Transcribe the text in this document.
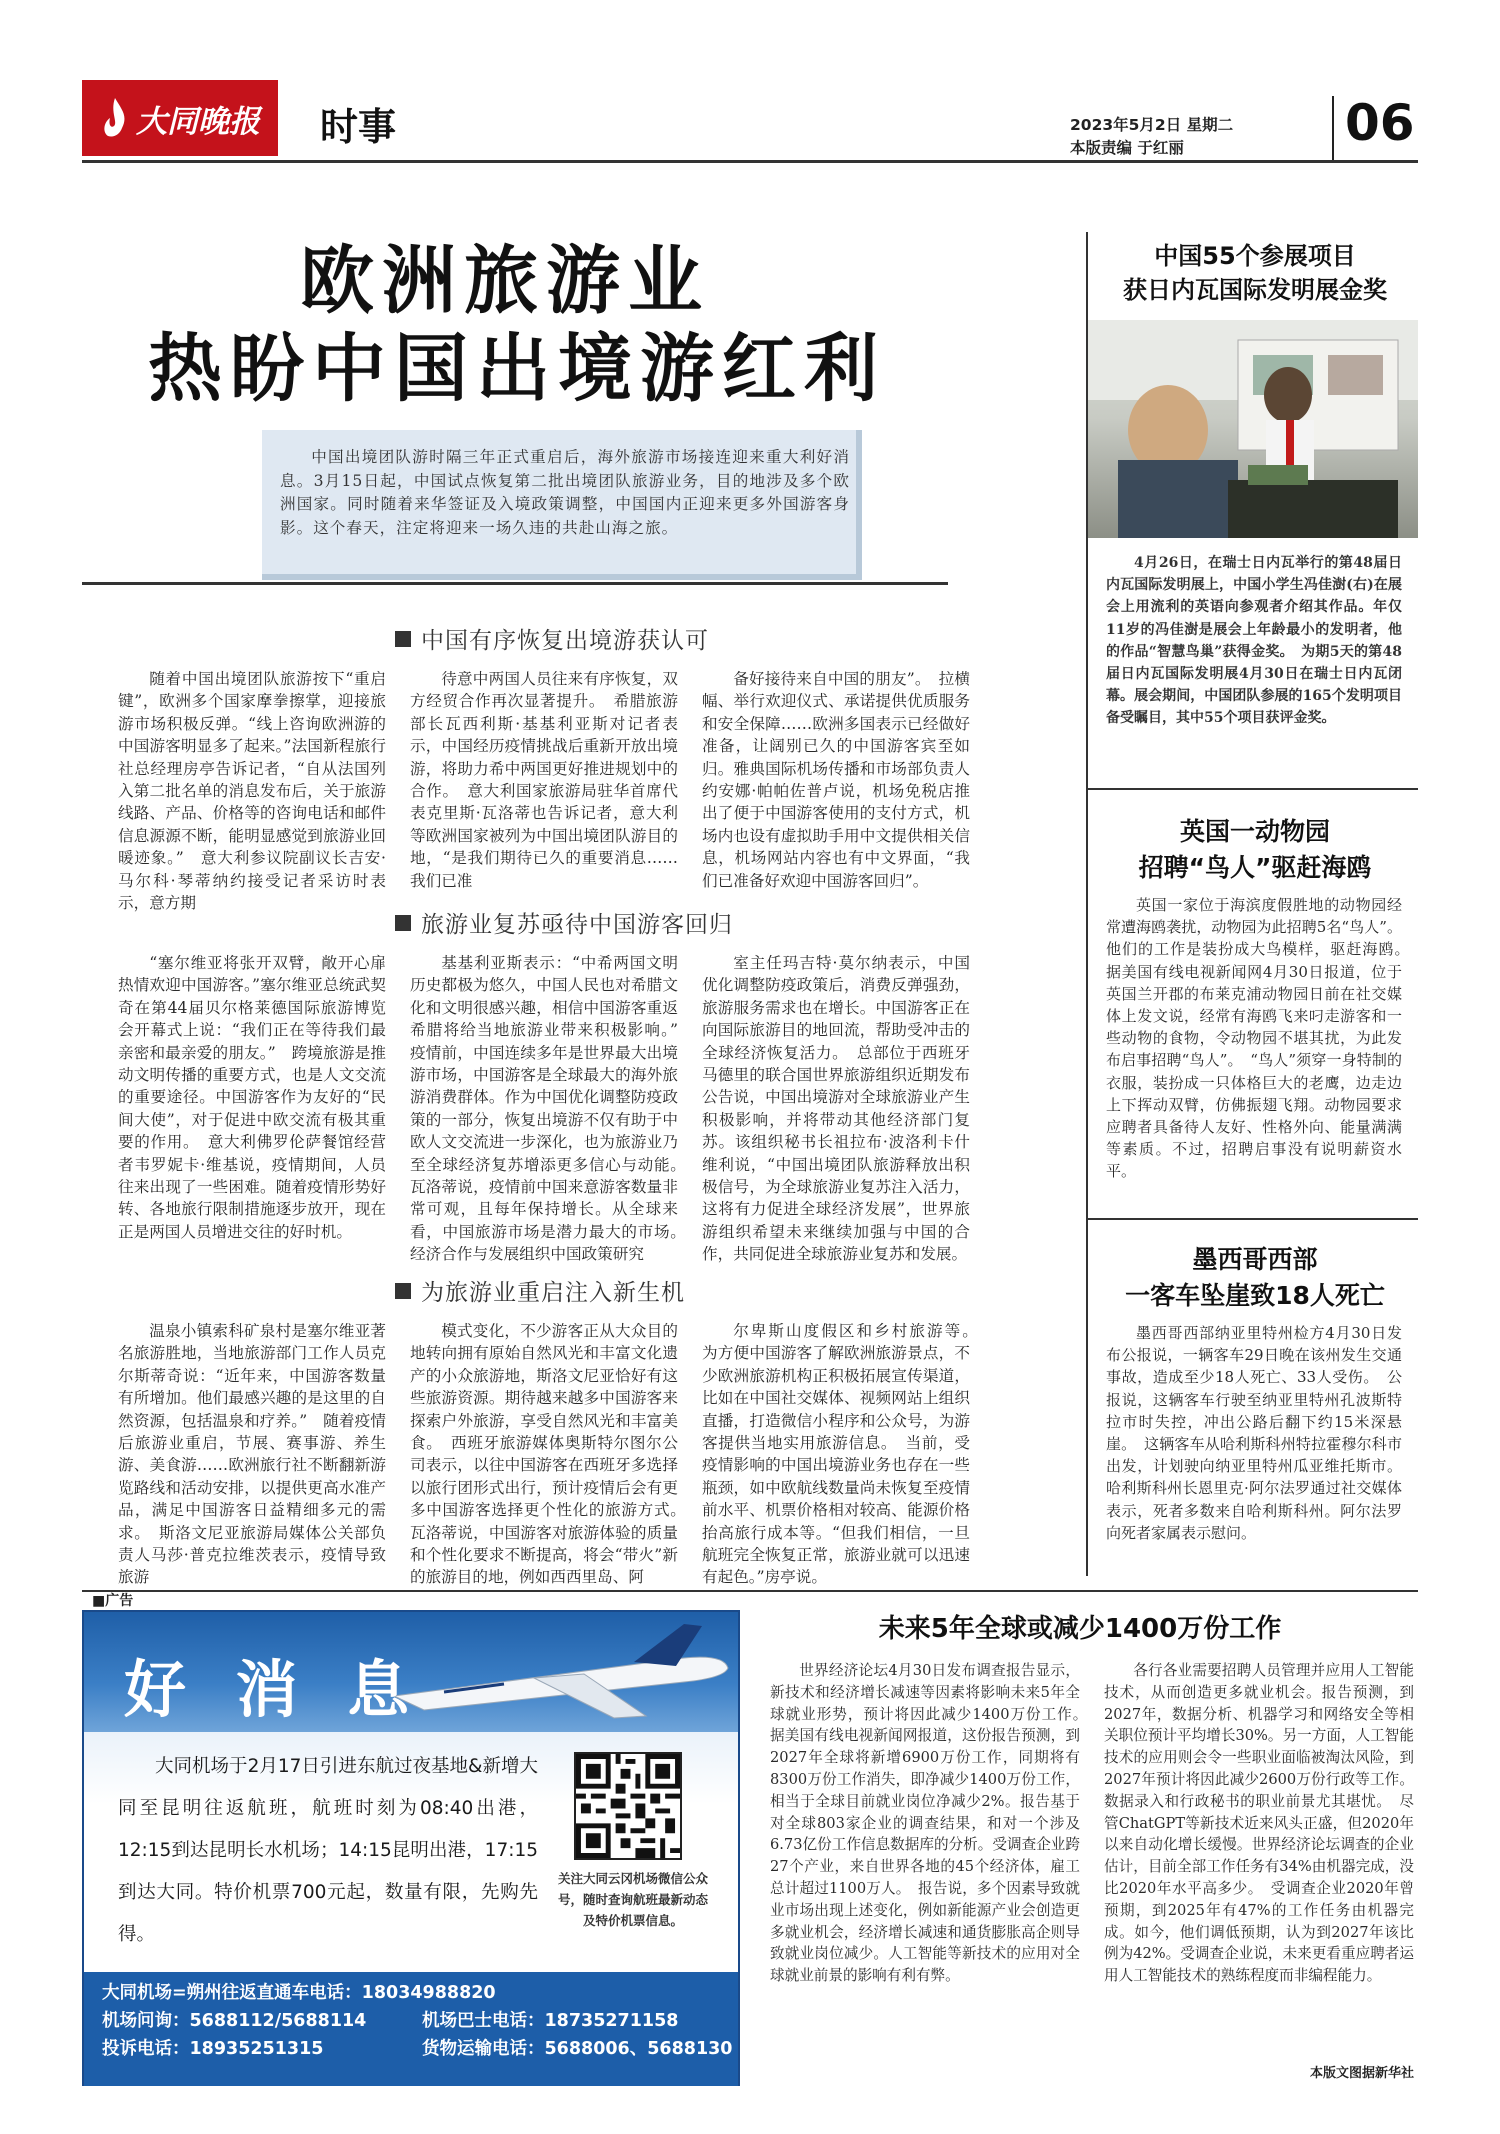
大同晚报 时事	2023年5月2日 星期二
本版责编 于红丽	06
欧洲旅游业
热盼中国出境游红利
中国出境团队游时隔三年正式重启后，海外旅游市场接连迎来重大利好消息。3月15日起，中国试点恢复第二批出境团队旅游业务，目的地涉及多个欧洲国家。同时随着来华签证及入境政策调整，中国国内正迎来更多外国游客身影。这个春天，注定将迎来一场久违的共赴山海之旅。
中国有序恢复出境游获认可
随着中国出境团队旅游按下“重启键”，欧洲多个国家摩拳擦掌，迎接旅游市场积极反弹。“线上咨询欧洲游的中国游客明显多了起来。”法国新程旅行社总经理房亭告诉记者，“自从法国列入第二批名单的消息发布后，关于旅游线路、产品、价格等的咨询电话和邮件信息源源不断，能明显感觉到旅游业回暖迹象。”　意大利参议院副议长吉安·马尔科·琴蒂纳约接受记者采访时表示，意方期
待意中两国人员往来有序恢复，双方经贸合作再次显著提升。　希腊旅游部长瓦西利斯·基基利亚斯对记者表示，中国经历疫情挑战后重新开放出境游，将助力希中两国更好推进规划中的合作。　意大利国家旅游局驻华首席代表克里斯·瓦洛蒂也告诉记者，意大利等欧洲国家被列为中国出境团队游目的地，“是我们期待已久的重要消息……我们已准
备好接待来自中国的朋友”。　拉横幅、举行欢迎仪式、承诺提供优质服务和安全保障……欧洲多国表示已经做好准备，让阔别已久的中国游客宾至如归。雅典国际机场传播和市场部负责人约安娜·帕帕佐普卢说，机场免税店推出了便于中国游客使用的支付方式，机场内也设有虚拟助手用中文提供相关信息，机场网站内容也有中文界面，“我们已准备好欢迎中国游客回归”。
旅游业复苏亟待中国游客回归
“塞尔维亚将张开双臂，敞开心扉热情欢迎中国游客。”塞尔维亚总统武契奇在第44届贝尔格莱德国际旅游博览会开幕式上说：“我们正在等待我们最亲密和最亲爱的朋友。”　跨境旅游是推动文明传播的重要方式，也是人文交流的重要途径。中国游客作为友好的“民间大使”，对于促进中欧交流有极其重要的作用。　意大利佛罗伦萨餐馆经营者韦罗妮卡·维基说，疫情期间，人员往来出现了一些困难。随着疫情形势好转、各地旅行限制措施逐步放开，现在正是两国人员增进交往的好时机。
基基利亚斯表示：“中希两国文明历史都极为悠久，中国人民也对希腊文化和文明很感兴趣，相信中国游客重返希腊将给当地旅游业带来积极影响。”　疫情前，中国连续多年是世界最大出境游市场，中国游客是全球最大的海外旅游消费群体。作为中国优化调整防疫政策的一部分，恢复出境游不仅有助于中欧人文交流进一步深化，也为旅游业乃至全球经济复苏增添更多信心与动能。　瓦洛蒂说，疫情前中国来意游客数量非常可观，且每年保持增长。从全球来看，中国旅游市场是潜力最大的市场。　经济合作与发展组织中国政策研究
室主任玛吉特·莫尔纳表示，中国优化调整防疫政策后，消费反弹强劲，旅游服务需求也在增长。中国游客正在向国际旅游目的地回流，帮助受冲击的全球经济恢复活力。　总部位于西班牙马德里的联合国世界旅游组织近期发布公告说，中国出境游对全球旅游业产生积极影响，并将带动其他经济部门复苏。该组织秘书长祖拉布·波洛利卡什维利说，“中国出境团队旅游释放出积极信号，为全球旅游业复苏注入活力，这将有力促进全球经济发展”，世界旅游组织希望未来继续加强与中国的合作，共同促进全球旅游业复苏和发展。
为旅游业重启注入新生机
温泉小镇索科矿泉村是塞尔维亚著名旅游胜地，当地旅游部门工作人员克尔斯蒂奇说：“近年来，中国游客数量有所增加。他们最感兴趣的是这里的自然资源，包括温泉和疗养。”　随着疫情后旅游业重启，节展、赛事游、养生游、美食游……欧洲旅行社不断翻新游览路线和活动安排，以提供更高水准产品，满足中国游客日益精细多元的需求。　斯洛文尼亚旅游局媒体公关部负责人马莎·普克拉维茨表示，疫情导致旅游
模式变化，不少游客正从大众目的地转向拥有原始自然风光和丰富文化遗产的小众旅游地，斯洛文尼亚恰好有这些旅游资源。期待越来越多中国游客来探索户外旅游，享受自然风光和丰富美食。　西班牙旅游媒体奥斯特尔图尔公司表示，以往中国游客在西班牙多选择以旅行团形式出行，预计疫情后会有更多中国游客选择更个性化的旅游方式。　瓦洛蒂说，中国游客对旅游体验的质量和个性化要求不断提高，将会“带火”新的旅游目的地，例如西西里岛、阿
尔卑斯山度假区和乡村旅游等。　为方便中国游客了解欧洲旅游景点，不少欧洲旅游机构正积极拓展宣传渠道，比如在中国社交媒体、视频网站上组织直播，打造微信小程序和公众号，为游客提供当地实用旅游信息。　当前，受疫情影响的中国出境游业务也存在一些瓶颈，如中欧航线数量尚未恢复至疫情前水平、机票价格相对较高、能源价格抬高旅行成本等。“但我们相信，一旦航班完全恢复正常，旅游业就可以迅速有起色。”房亭说。
中国55个参展项目
获日内瓦国际发明展金奖
4月26日，在瑞士日内瓦举行的第48届日内瓦国际发明展上，中国小学生冯佳澍(右)在展会上用流利的英语向参观者介绍其作品。年仅11岁的冯佳澍是展会上年龄最小的发明者，他的作品“智慧鸟巢”获得金奖。　为期5天的第48届日内瓦国际发明展4月30日在瑞士日内瓦闭幕。展会期间，中国团队参展的165个发明项目备受瞩目，其中55个项目获评金奖。
英国一动物园
招聘“鸟人”驱赶海鸥
英国一家位于海滨度假胜地的动物园经常遭海鸥袭扰，动物园为此招聘5名“鸟人”。他们的工作是装扮成大鸟模样，驱赶海鸥。　据美国有线电视新闻网4月30日报道，位于英国兰开郡的布莱克浦动物园日前在社交媒体上发文说，经常有海鸥飞来叼走游客和一些动物的食物，令动物园不堪其扰，为此发布启事招聘“鸟人”。　“鸟人”须穿一身特制的衣服，装扮成一只体格巨大的老鹰，边走边上下挥动双臂，仿佛振翅飞翔。动物园要求应聘者具备待人友好、性格外向、能量满满等素质。不过，招聘启事没有说明薪资水平。
墨西哥西部
一客车坠崖致18人死亡
墨西哥西部纳亚里特州检方4月30日发布公报说，一辆客车29日晚在该州发生交通事故，造成至少18人死亡、33人受伤。　公报说，这辆客车行驶至纳亚里特州孔波斯特拉市时失控，冲出公路后翻下约15米深悬崖。　这辆客车从哈利斯科州特拉霍穆尔科市出发，计划驶向纳亚里特州瓜亚维托斯市。哈利斯科州长恩里克·阿尔法罗通过社交媒体表示，死者多数来自哈利斯科州。阿尔法罗向死者家属表示慰问。
■广告
好 消 息
大同机场于2月17日引进东航过夜基地&新增大同至昆明往返航班，航班时刻为08:40出港，12:15到达昆明长水机场；14:15昆明出港，17:15到达大同。特价机票700元起，数量有限，先购先得。
关注大同云冈机场微信公众号，随时查询航班最新动态及特价机票信息。
大同机场=朔州往返直通车电话：18034988820
机场问询：5688112/5688114	机场巴士电话：18735271158
投诉电话：18935251315	货物运输电话：5688006、5688130
未来5年全球或减少1400万份工作
世界经济论坛4月30日发布调查报告显示，新技术和经济增长减速等因素将影响未来5年全球就业形势，预计将因此减少1400万份工作。　据美国有线电视新闻网报道，这份报告预测，到2027年全球将新增6900万份工作，同期将有8300万份工作消失，即净减少1400万份工作，相当于全球目前就业岗位净减少2%。报告基于对全球803家企业的调查结果，和对一个涉及6.73亿份工作信息数据库的分析。受调查企业跨27个产业，来自世界各地的45个经济体，雇工总计超过1100万人。　报告说，多个因素导致就业市场出现上述变化，例如新能源产业会创造更多就业机会，经济增长减速和通货膨胀高企则导致就业岗位减少。人工智能等新技术的应用对全球就业前景的影响有利有弊。
各行各业需要招聘人员管理并应用人工智能技术，从而创造更多就业机会。报告预测，到2027年，数据分析、机器学习和网络安全等相关职位预计平均增长30%。另一方面，人工智能技术的应用则会令一些职业面临被淘汰风险，到2027年预计将因此减少2600万份行政等工作。数据录入和行政秘书的职业前景尤其堪忧。　尽管ChatGPT等新技术近来风头正盛，但2020年以来自动化增长缓慢。世界经济论坛调查的企业估计，目前全部工作任务有34%由机器完成，没比2020年水平高多少。　受调查企业2020年曾预期，到2025年有47%的工作任务由机器完成。如今，他们调低预期，认为到2027年该比例为42%。受调查企业说，未来更看重应聘者运用人工智能技术的熟练程度而非编程能力。
本版文图据新华社
